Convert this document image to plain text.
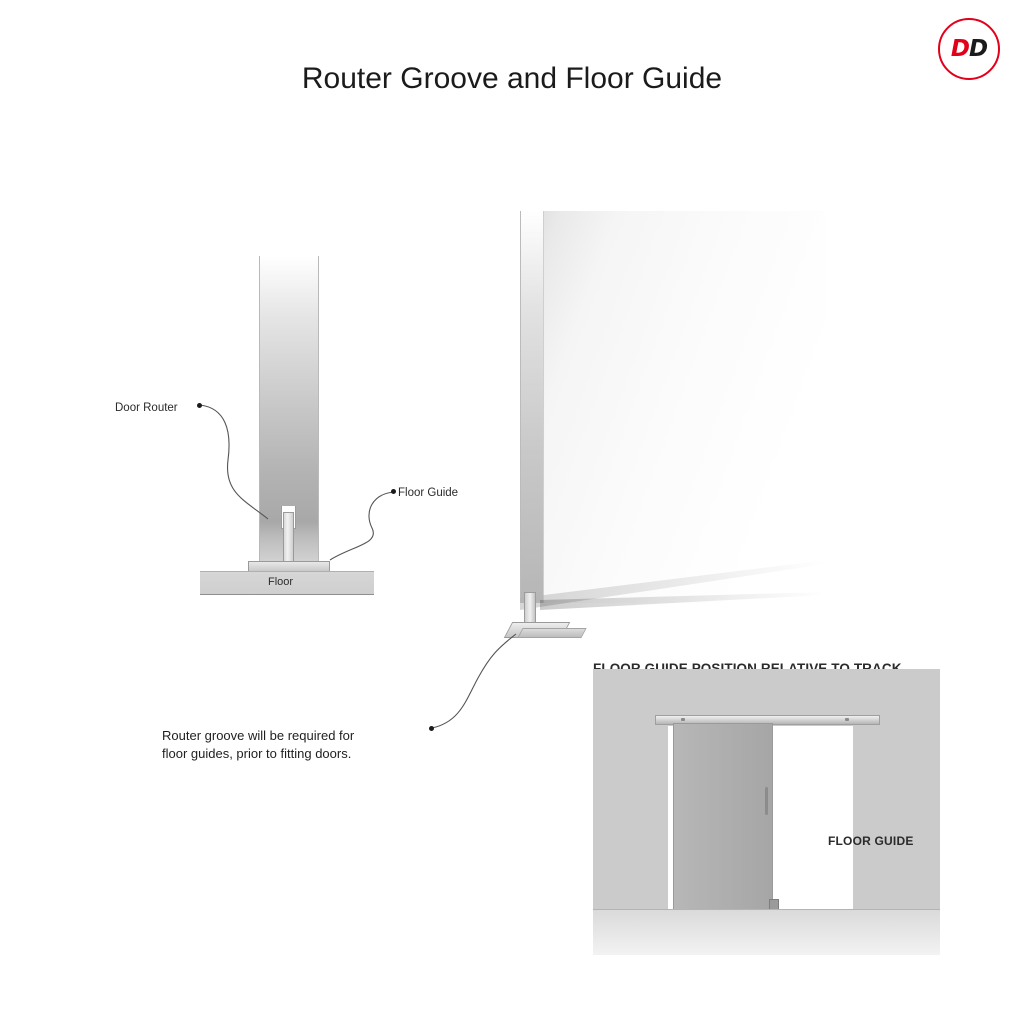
DD
Router Groove and Floor Guide
Floor
Door Router
Floor Guide
Router groove will be required for
floor guides, prior to fitting doors.
FLOOR GUIDE
